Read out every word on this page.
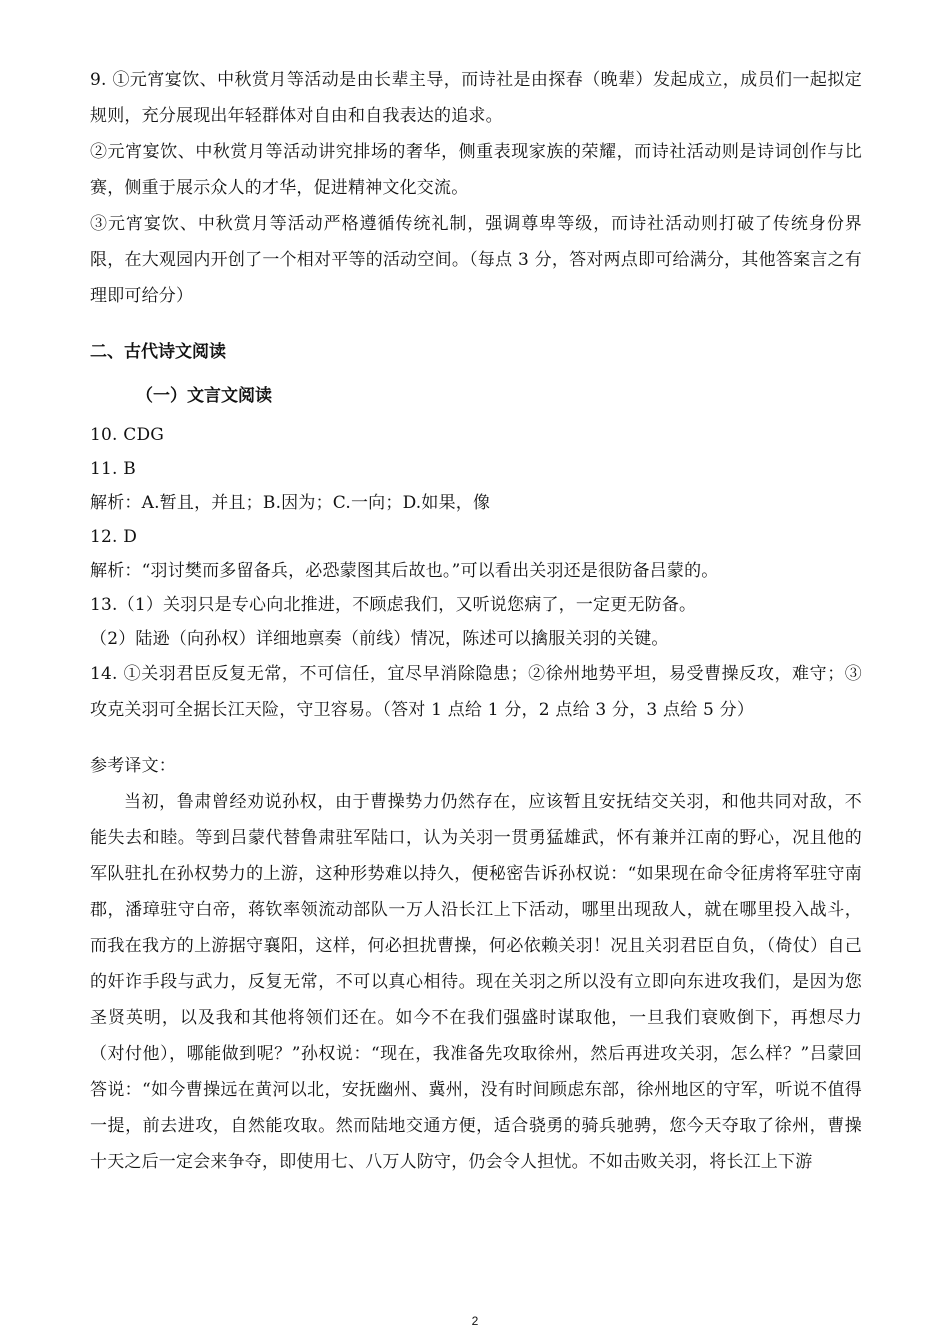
9. ①元宵宴饮、中秋赏月等活动是由长辈主导，而诗社是由探春（晚辈）发起成立，成员们一起拟定规则，充分展现出年轻群体对自由和自我表达的追求。

②元宵宴饮、中秋赏月等活动讲究排场的奢华，侧重表现家族的荣耀，而诗社活动则是诗词创作与比赛，侧重于展示众人的才华，促进精神文化交流。

③元宵宴饮、中秋赏月等活动严格遵循传统礼制，强调尊卑等级，而诗社活动则打破了传统身份界限，在大观园内开创了一个相对平等的活动空间。（每点 3 分，答对两点即可给满分，其他答案言之有理即可给分）

二、古代诗文阅读
（一）文言文阅读

10. CDG

11. B

解析：A.暂且，并且；B.因为；C.一向；D.如果，像

12. D

解析：“羽讨樊而多留备兵，必恐蒙图其后故也。”可以看出关羽还是很防备吕蒙的。

13.（1）关羽只是专心向北推进，不顾虑我们，又听说您病了，一定更无防备。

（2）陆逊（向孙权）详细地禀奏（前线）情况，陈述可以擒服关羽的关键。

14. ①关羽君臣反复无常，不可信任，宜尽早消除隐患；②徐州地势平坦，易受曹操反攻，难守；③攻克关羽可全据长江天险，守卫容易。（答对 1 点给 1 分，2 点给 3 分，3 点给 5 分）

参考译文：

当初，鲁肃曾经劝说孙权，由于曹操势力仍然存在，应该暂且安抚结交关羽，和他共同对敌，不能失去和睦。等到吕蒙代替鲁肃驻军陆口，认为关羽一贯勇猛雄武，怀有兼并江南的野心，况且他的军队驻扎在孙权势力的上游，这种形势难以持久，便秘密告诉孙权说：“如果现在命令征虏将军驻守南郡，潘璋驻守白帝，蒋钦率领流动部队一万人沿长江上下活动，哪里出现敌人，就在哪里投入战斗，而我在我方的上游据守襄阳，这样，何必担扰曹操，何必依赖关羽！况且关羽君臣自负，（倚仗）自己的奸诈手段与武力，反复无常，不可以真心相待。现在关羽之所以没有立即向东进攻我们，是因为您圣贤英明，以及我和其他将领们还在。如今不在我们强盛时谋取他，一旦我们衰败倒下，再想尽力（对付他），哪能做到呢？”孙权说：“现在，我准备先攻取徐州，然后再进攻关羽，怎么样？”吕蒙回答说：“如今曹操远在黄河以北，安抚幽州、冀州，没有时间顾虑东部，徐州地区的守军，听说不值得一提，前去进攻，自然能攻取。然而陆地交通方便，适合骁勇的骑兵驰骋，您今天夺取了徐州，曹操十天之后一定会来争夺，即使用七、八万人防守，仍会令人担忧。不如击败关羽，将长江上下游

2
